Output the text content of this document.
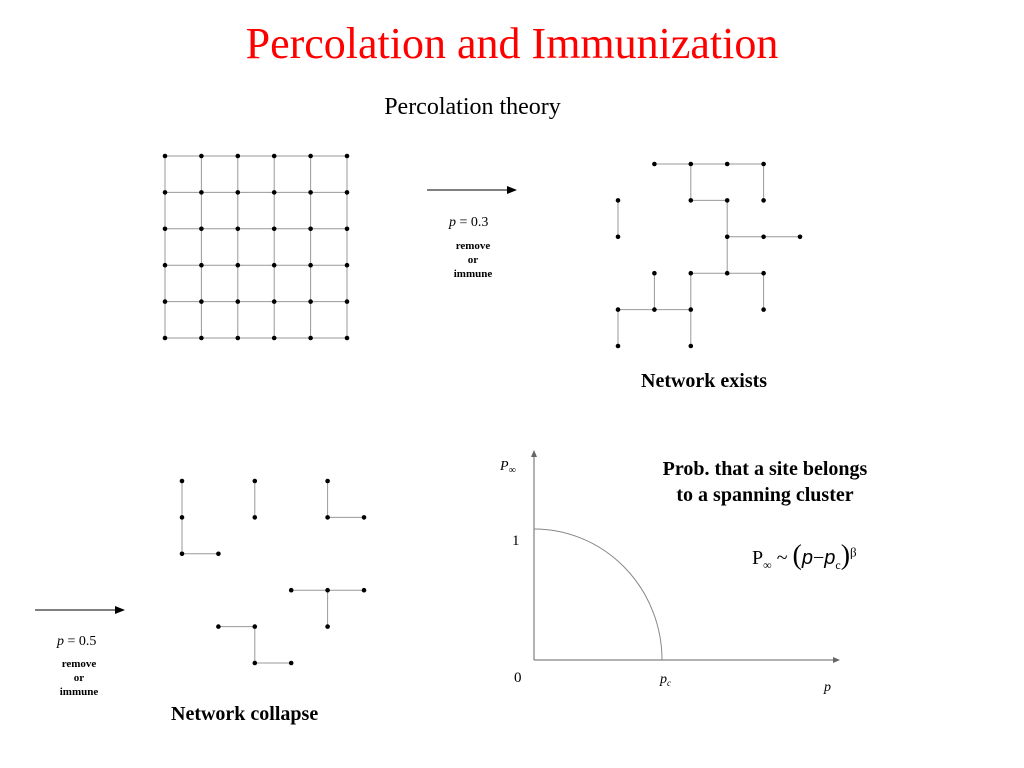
Percolation and Immunization
Percolation theory
p = 0.3
remove
or
immune
Network exists
p = 0.5
remove
or
immune
Network collapse
$P_\infty$
1
0	$p_c$	p
Prob. that a site belongs
to a spanning cluster
$P_\infty$ ~ $(p-p_c)^\beta$
